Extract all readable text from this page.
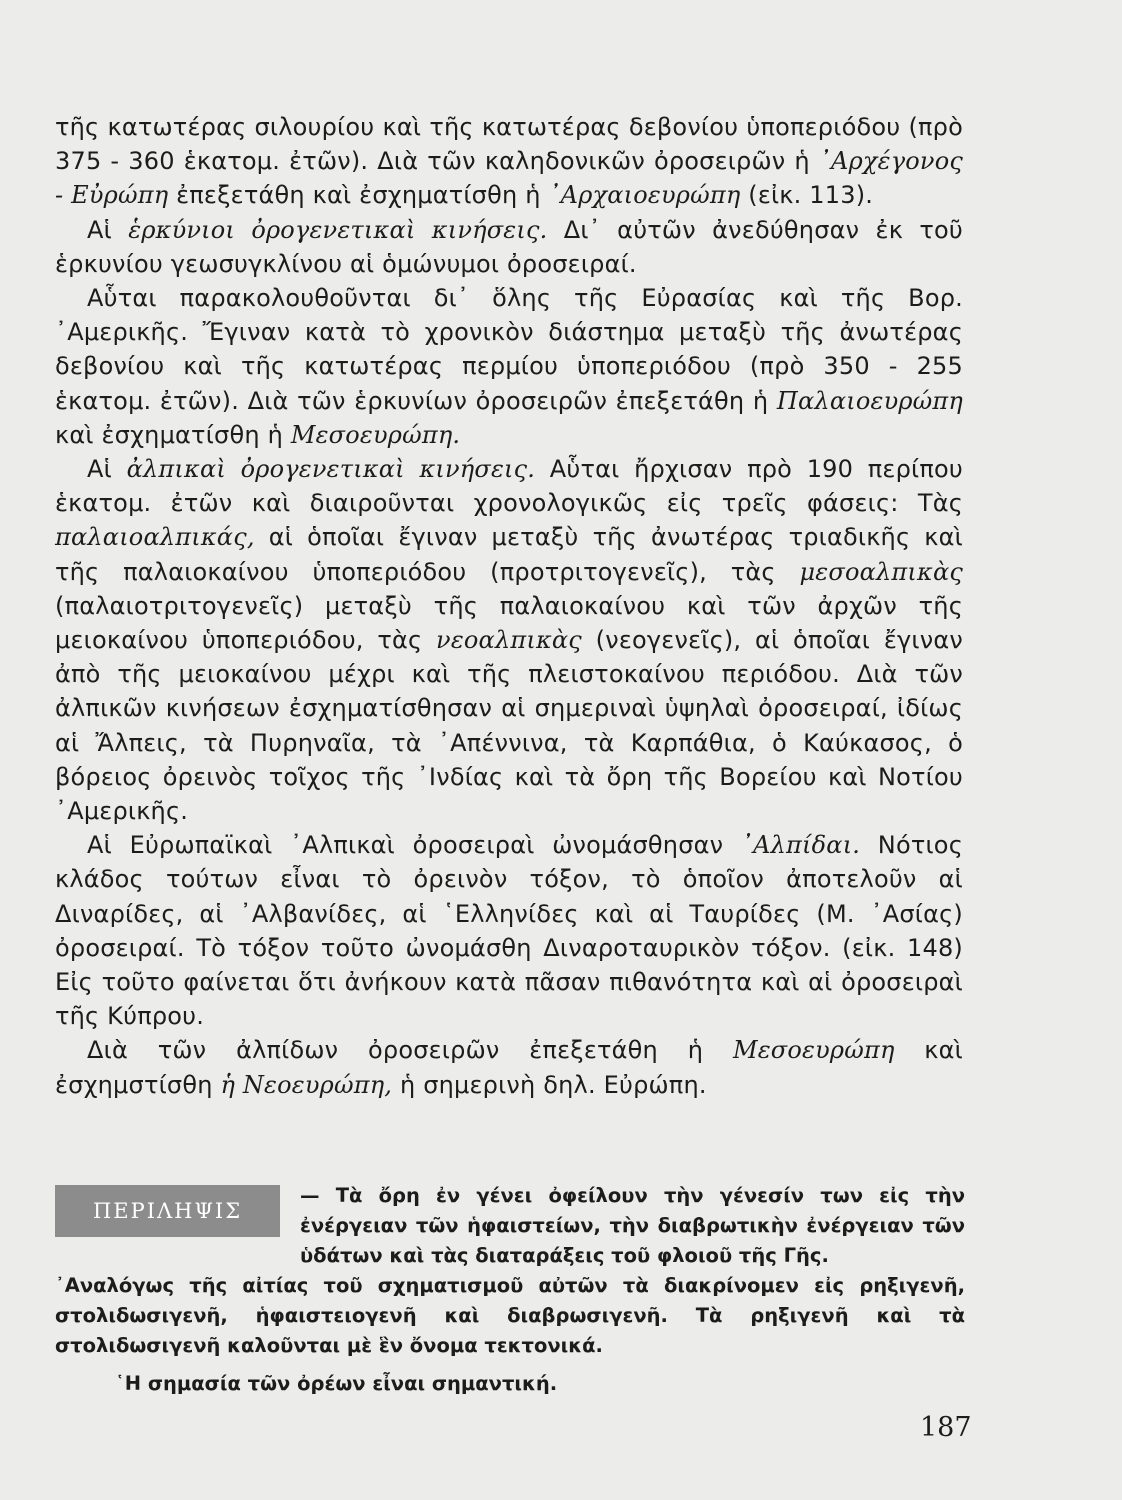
τῆς κατωτέρας σιλουρίου καὶ τῆς κατωτέρας δεβονίου ὑποπεριόδου (πρὸ 375 - 360 ἑκατομ. ἐτῶν). Διὰ τῶν καληδονικῶν ὀροσειρῶν ἡ ᾿Αρχέγονος - Εὐρώπη ἐπεξετάθη καὶ ἐσχηματίσθη ἡ ᾿Αρχαιοευρώπη (εἰκ. 113).

Αἱ ἑρκύνιοι ὀρογενετικαὶ κινήσεις. Δι᾿ αὐτῶν ἀνεδύθησαν ἐκ τοῦ ἑρκυνίου γεωσυγκλίνου αἱ ὁμώνυμοι ὀροσειραί.

Αὗται παρακολουθοῦνται δι᾿ ὅλης τῆς Εὐρασίας καὶ τῆς Βορ. ᾿Αμερικῆς. Ἔγιναν κατὰ τὸ χρονικὸν διάστημα μεταξὺ τῆς ἀνωτέρας δεβονίου καὶ τῆς κατωτέρας περμίου ὑποπεριόδου (πρὸ 350 - 255 ἑκατομ. ἐτῶν). Διὰ τῶν ἑρκυνίων ὀροσειρῶν ἐπεξετάθη ἡ Παλαιοευρώπη καὶ ἐσχηματίσθη ἡ Μεσοευρώπη.

Αἱ ἀλπικαὶ ὀρογενετικαὶ κινήσεις. Αὗται ἤρχισαν πρὸ 190 περίπου ἑκατομ. ἐτῶν καὶ διαιροῦνται χρονολογικῶς εἰς τρεῖς φάσεις: Τὰς παλαιοαλπικάς, αἱ ὁποῖαι ἔγιναν μεταξὺ τῆς ἀνωτέρας τριαδικῆς καὶ τῆς παλαιοκαίνου ὑποπεριόδου (προτριτογενεῖς), τὰς μεσοαλπικὰς (παλαιοτριτογενεῖς) μεταξὺ τῆς παλαιοκαίνου καὶ τῶν ἀρχῶν τῆς μειοκαίνου ὑποπεριόδου, τὰς νεοαλπικὰς (νεογενεῖς), αἱ ὁποῖαι ἔγιναν ἀπὸ τῆς μειοκαίνου μέχρι καὶ τῆς πλειστοκαίνου περιόδου. Διὰ τῶν ἀλπικῶν κινήσεων ἐσχηματίσθησαν αἱ σημεριναὶ ὑψηλαὶ ὀροσειραί, ἰδίως αἱ Ἄλπεις, τὰ Πυρηναῖα, τὰ ᾿Απέννινα, τὰ Καρπάθια, ὁ Καύκασος, ὁ βόρειος ὀρεινὸς τοῖχος τῆς ᾿Ινδίας καὶ τὰ ὄρη τῆς Βορείου καὶ Νοτίου ᾿Αμερικῆς.

Αἱ Εὐρωπαϊκαὶ ᾿Αλπικαὶ ὀροσειραὶ ὠνομάσθησαν ᾿Αλπίδαι. Νότιος κλάδος τούτων εἶναι τὸ ὀρεινὸν τόξον, τὸ ὁποῖον ἀποτελοῦν αἱ Διναρίδες, αἱ ᾿Αλβανίδες, αἱ ῾Ελληνίδες καὶ αἱ Ταυρίδες (Μ. ᾿Ασίας) ὀροσειραί. Τὸ τόξον τοῦτο ὠνομάσθη Διναροταυρικὸν τόξον. (εἰκ. 148) Εἰς τοῦτο φαίνεται ὅτι ἀνήκουν κατὰ πᾶσαν πιθανότητα καὶ αἱ ὀροσειραὶ τῆς Κύπρου.

Διὰ τῶν ἀλπίδων ὀροσειρῶν ἐπεξετάθη ἡ Μεσοευρώπη καὶ ἐσχημστίσθη ἡ Νεοευρώπη, ἡ σημερινὴ δηλ. Εὐρώπη.

ΠΕΡΙΛΗΨΙΣ

— Τὰ ὄρη ἐν γένει ὀφείλουν τὴν γένεσίν των εἰς τὴν ἐνέργειαν τῶν ἡφαιστείων, τὴν διαβρωτικὴν ἐνέργειαν τῶν ὑδάτων καὶ τὰς διαταράξεις τοῦ φλοιοῦ τῆς Γῆς.

᾿Αναλόγως τῆς αἰτίας τοῦ σχηματισμοῦ αὐτῶν τὰ διακρίνομεν εἰς ρηξιγενῆ, στολιδωσιγενῆ, ἡφαιστειογενῆ καὶ διαβρωσιγενῆ. Τὰ ρηξιγενῆ καὶ τὰ στολιδωσιγενῆ καλοῦνται μὲ ἓν ὄνομα τεκτονικά.

῾Η σημασία τῶν ὀρέων εἶναι σημαντική.

187
